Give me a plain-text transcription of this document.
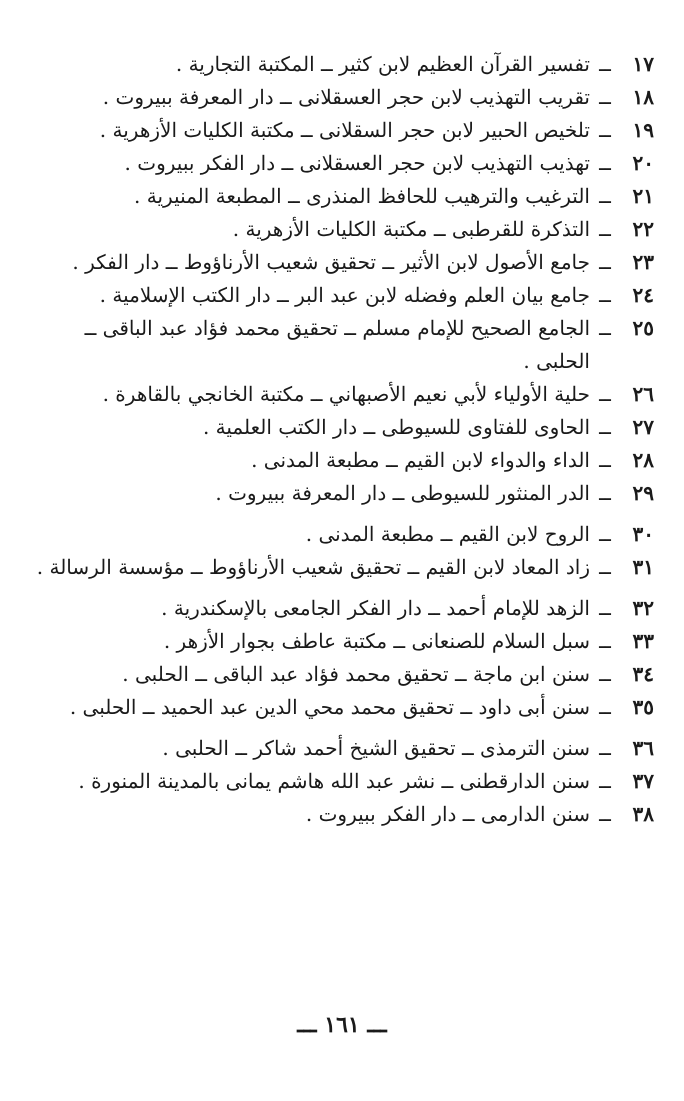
١٧
ــ
تفسير القرآن العظيم لابن كثير ــ المكتبة التجارية .
١٨
ــ
تقريب التهذيب لابن حجر العسقلانى ــ دار المعرفة ببيروت .
١٩
ــ
تلخيص الحبير لابن حجر السقلانى ــ مكتبة الكليات الأزهرية .
٢٠
ــ
تهذيب التهذيب لابن حجر العسقلانى ــ دار الفكر ببيروت .
٢١
ــ
الترغيب والترهيب للحافظ المنذرى ــ المطبعة المنيرية .
٢٢
ــ
التذكرة للقرطبى ــ مكتبة الكليات الأزهرية .
٢٣
ــ
جامع الأصول لابن الأثير ــ تحقيق شعيب الأرناؤوط ــ دار الفكر .
٢٤
ــ
جامع بيان العلم وفضله لابن عبد البر ــ دار الكتب الإسلامية .
٢٥
ــ
الجامع الصحيح للإمام مسلم ــ تحقيق محمد فؤاد عبد الباقى ــ الحلبى .
٢٦
ــ
حلية الأولياء لأبي نعيم الأصبهاني ــ مكتبة الخانجي بالقاهرة .
٢٧
ــ
الحاوى للفتاوى للسيوطى ــ دار الكتب العلمية .
٢٨
ــ
الداء والدواء لابن القيم ــ مطبعة المدنى .
٢٩
ــ
الدر المنثور للسيوطى ــ دار المعرفة ببيروت .
٣٠
ــ
الروح لابن القيم ــ مطبعة المدنى .
٣١
ــ
زاد المعاد لابن القيم ــ تحقيق شعيب الأرناؤوط ــ مؤسسة الرسالة .
٣٢
ــ
الزهد للإمام أحمد ــ دار الفكر الجامعى بالإسكندرية .
٣٣
ــ
سبل السلام للصنعانى ــ مكتبة عاطف بجوار الأزهر .
٣٤
ــ
سنن ابن ماجة ــ تحقيق محمد فؤاد عبد الباقى ــ الحلبى .
٣٥
ــ
سنن أبى داود ــ تحقيق محمد محي الدين عبد الحميد ــ الحلبى .
٣٦
ــ
سنن الترمذى ــ تحقيق الشيخ أحمد شاكر ــ الحلبى .
٣٧
ــ
سنن الدارقطنى ــ نشر عبد الله هاشم يمانى بالمدينة المنورة .
٣٨
ــ
سنن الدارمى ــ دار الفكر ببيروت .
ـــ ١٦١ ـــ
